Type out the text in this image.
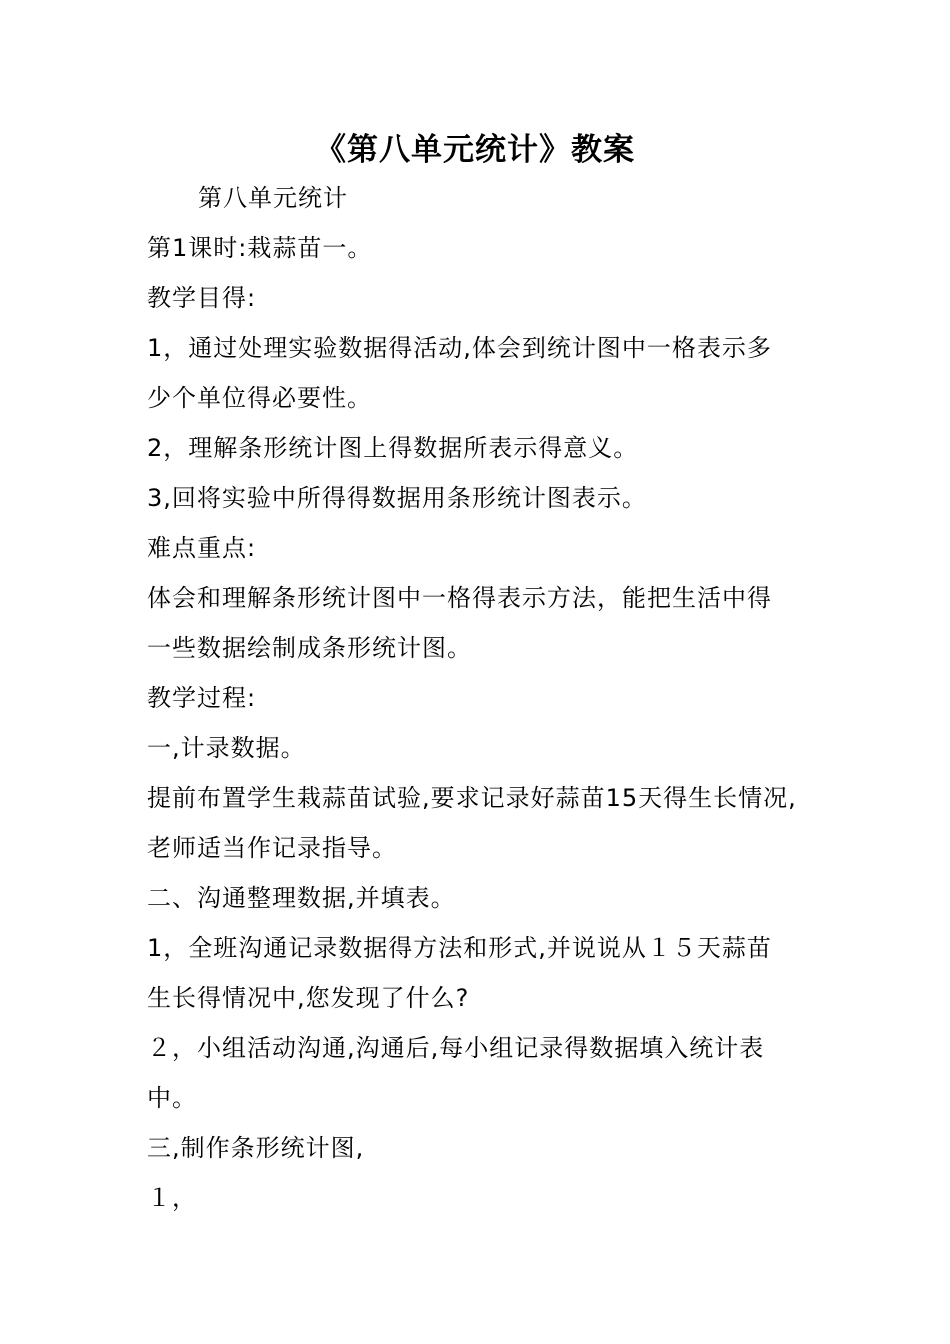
《第八单元统计》教案
第八单元统计
第1课时:栽蒜苗一。
教学目得:
1，通过处理实验数据得活动,体会到统计图中一格表示多
少个单位得必要性。
2，理解条形统计图上得数据所表示得意义。
3,回将实验中所得得数据用条形统计图表示。
难点重点:
体会和理解条形统计图中一格得表示方法，能把生活中得
一些数据绘制成条形统计图。
教学过程:
一,计录数据。
提前布置学生栽蒜苗试验,要求记录好蒜苗15天得生长情况,
老师适当作记录指导。
二、沟通整理数据,并填表。
1，全班沟通记录数据得方法和形式,并说说从１５天蒜苗
生长得情况中,您发现了什么?
２，小组活动沟通,沟通后,每小组记录得数据填入统计表
中。
三,制作条形统计图,
１，
